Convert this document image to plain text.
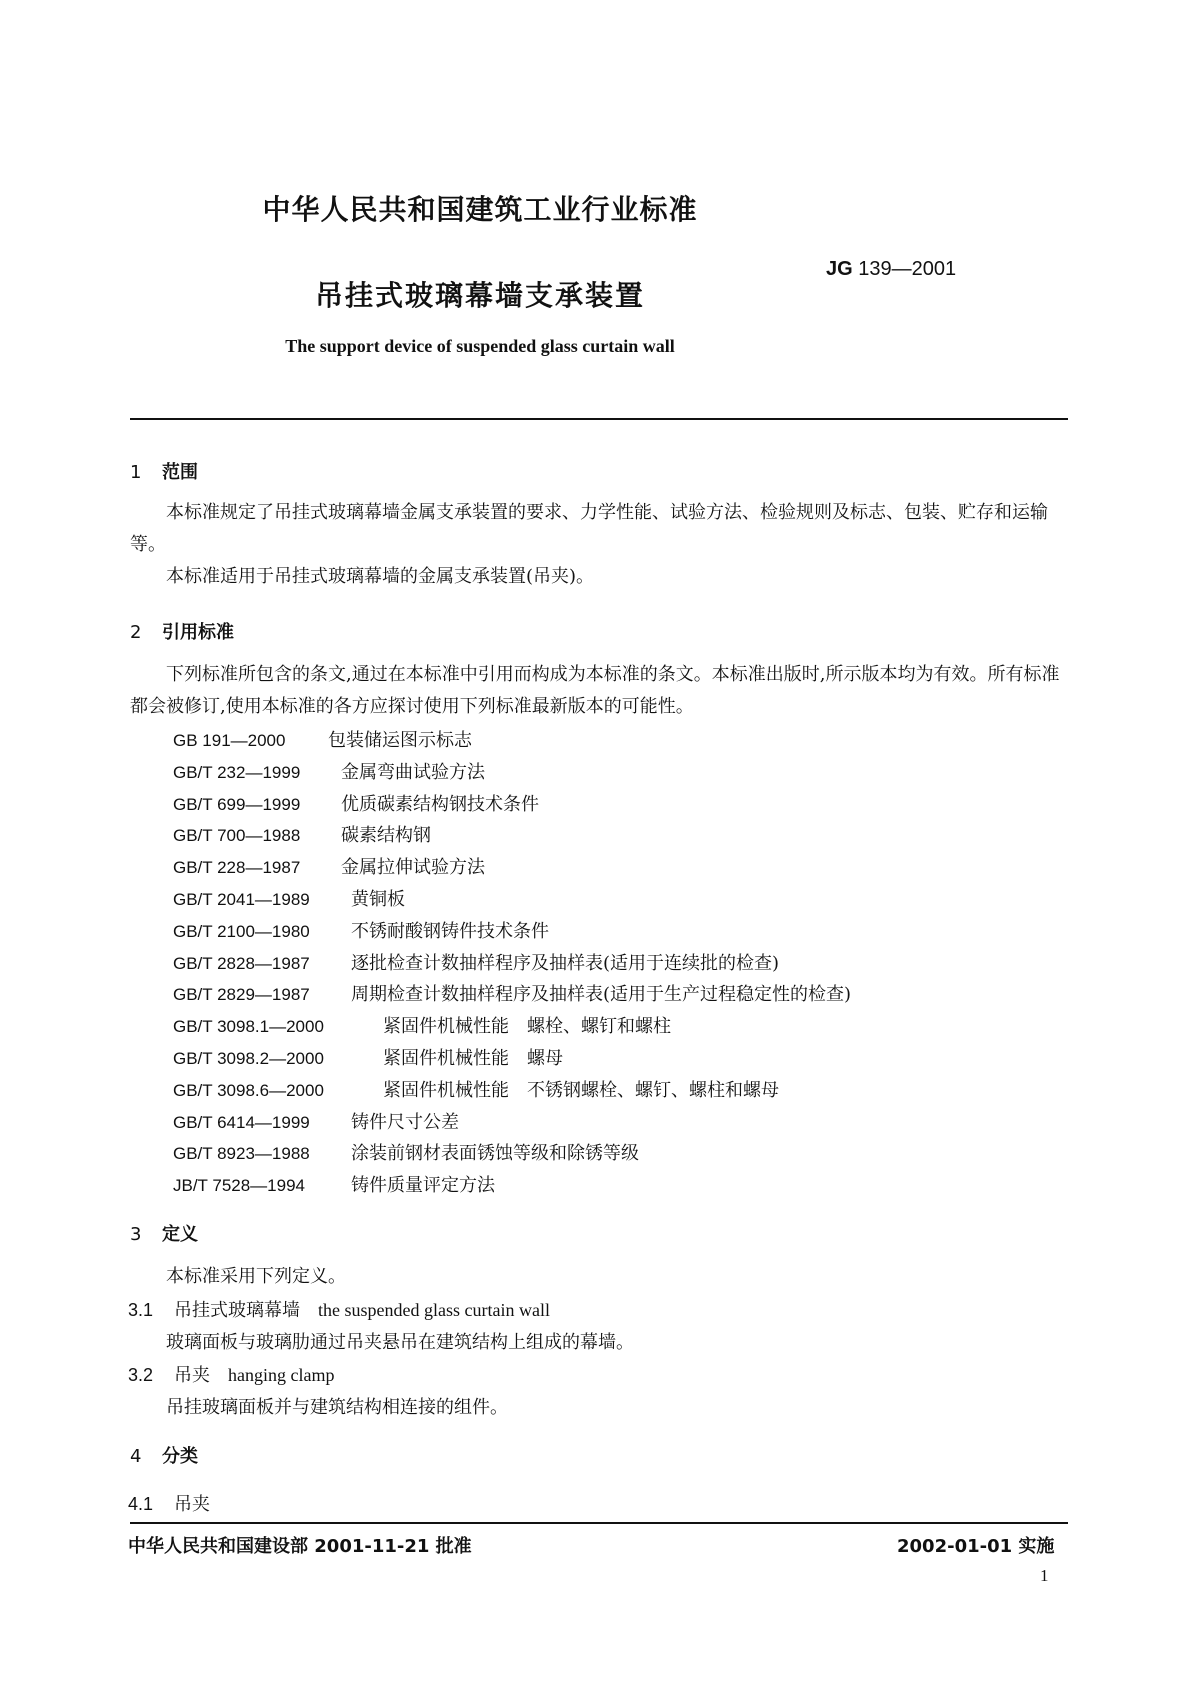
中华人民共和国建筑工业行业标准
JG 139—2001
吊挂式玻璃幕墙支承装置
The support device of suspended glass curtain wall
1 范围

本标准规定了吊挂式玻璃幕墙金属支承装置的要求、力学性能、试验方法、检验规则及标志、包装、贮存和运输等。

本标准适用于吊挂式玻璃幕墙的金属支承装置(吊夹)。

2 引用标准

下列标准所包含的条文,通过在本标准中引用而构成为本标准的条文。本标准出版时,所示版本均为有效。所有标准都会被修订,使用本标准的各方应探讨使用下列标准最新版本的可能性。

GB 191—2000 包装储运图示标志
GB/T 232—1999 金属弯曲试验方法
GB/T 699—1999 优质碳素结构钢技术条件
GB/T 700—1988 碳素结构钢
GB/T 228—1987 金属拉伸试验方法
GB/T 2041—1989 黄铜板
GB/T 2100—1980 不锈耐酸钢铸件技术条件
GB/T 2828—1987 逐批检查计数抽样程序及抽样表(适用于连续批的检查)
GB/T 2829—1987 周期检查计数抽样程序及抽样表(适用于生产过程稳定性的检查)
GB/T 3098.1—2000	紧固件机械性能　螺栓、螺钉和螺柱
GB/T 3098.2—2000	紧固件机械性能　螺母
GB/T 3098.6—2000	紧固件机械性能　不锈钢螺栓、螺钉、螺柱和螺母
GB/T 6414—1999 铸件尺寸公差
GB/T 8923—1988 涂装前钢材表面锈蚀等级和除锈等级
JB/T 7528—1994	铸件质量评定方法
3 定义
本标准采用下列定义。
3.1 吊挂式玻璃幕墙 the suspended glass curtain wall
玻璃面板与玻璃肋通过吊夹悬吊在建筑结构上组成的幕墙。
3.2 吊夹 hanging clamp
吊挂玻璃面板并与建筑结构相连接的组件。
4 分类
4.1 吊夹
中华人民共和国建设部 2001-11-21 批准	2002-01-01 实施
1
